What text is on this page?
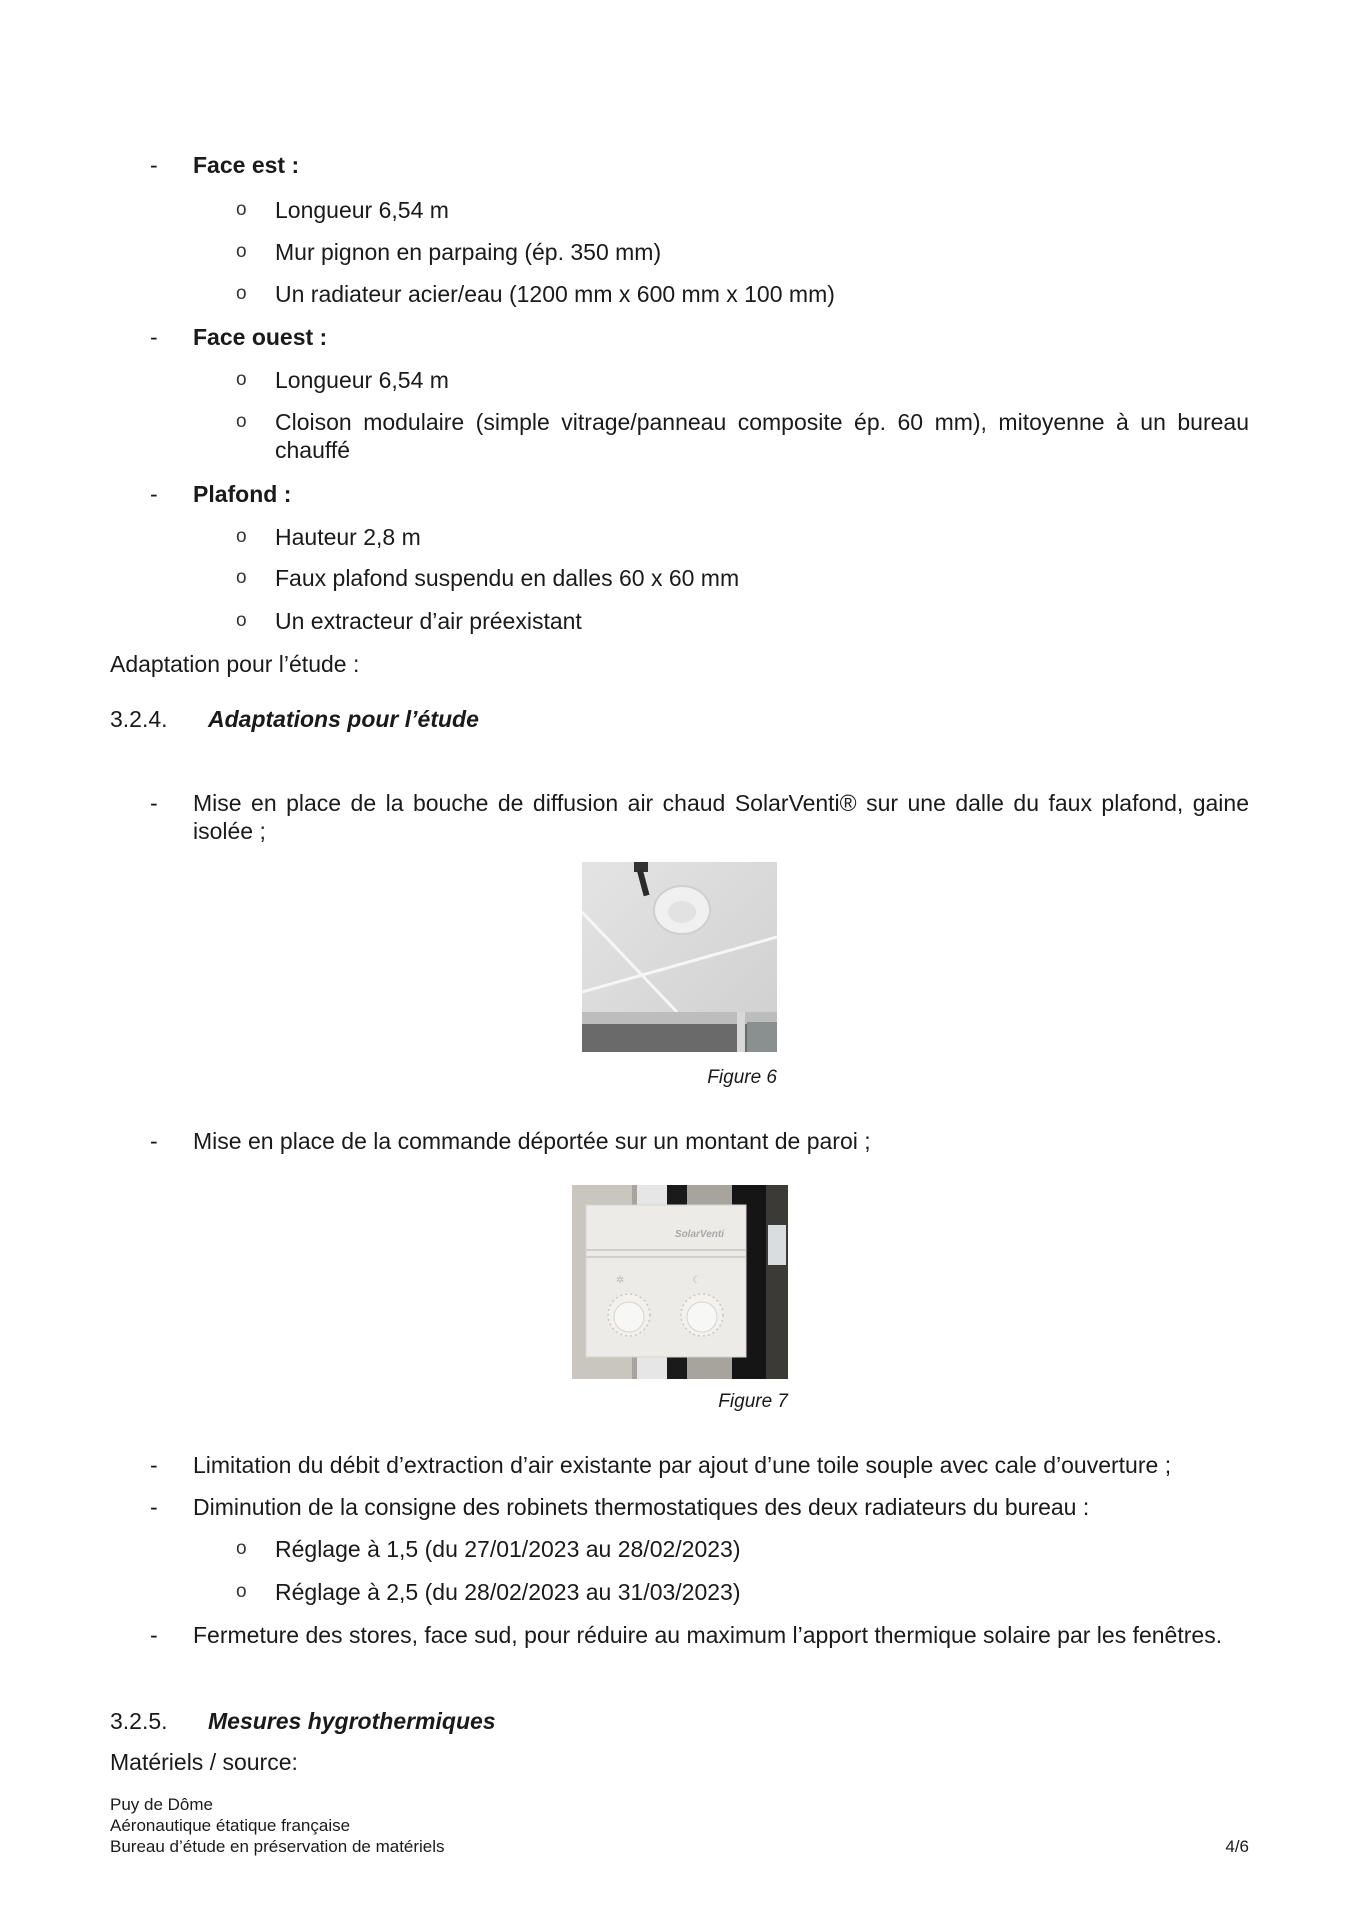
- Face est :
o Longueur 6,54 m
o Mur pignon en parpaing (ép. 350 mm)
o Un radiateur acier/eau (1200 mm x 600 mm x 100 mm)
- Face ouest :
o Longueur 6,54 m
o Cloison modulaire (simple vitrage/panneau composite ép. 60 mm), mitoyenne à un bureau chauffé
- Plafond :
o Hauteur 2,8 m
o Faux plafond suspendu en dalles 60 x 60 mm
o Un extracteur d’air préexistant
Adaptation pour l’étude :
3.2.4. Adaptations pour l’étude
- Mise en place de la bouche de diffusion air chaud SolarVenti® sur une dalle du faux plafond, gaine isolée ;
Figure 6
- Mise en place de la commande déportée sur un montant de paroi ;
SolarVenti
✲	☾
Figure 7
- Limitation du débit d’extraction d’air existante par ajout d’une toile souple avec cale d’ouverture ;
- Diminution de la consigne des robinets thermostatiques des deux radiateurs du bureau :
o Réglage à 1,5 (du 27/01/2023 au 28/02/2023)
o Réglage à 2,5 (du 28/02/2023 au 31/03/2023)
- Fermeture des stores, face sud, pour réduire au maximum l’apport thermique solaire par les fenêtres.
3.2.5. Mesures hygrothermiques
Matériels / source:
Puy de Dôme
Aéronautique étatique française
Bureau d’étude en préservation de matériels	4/6
